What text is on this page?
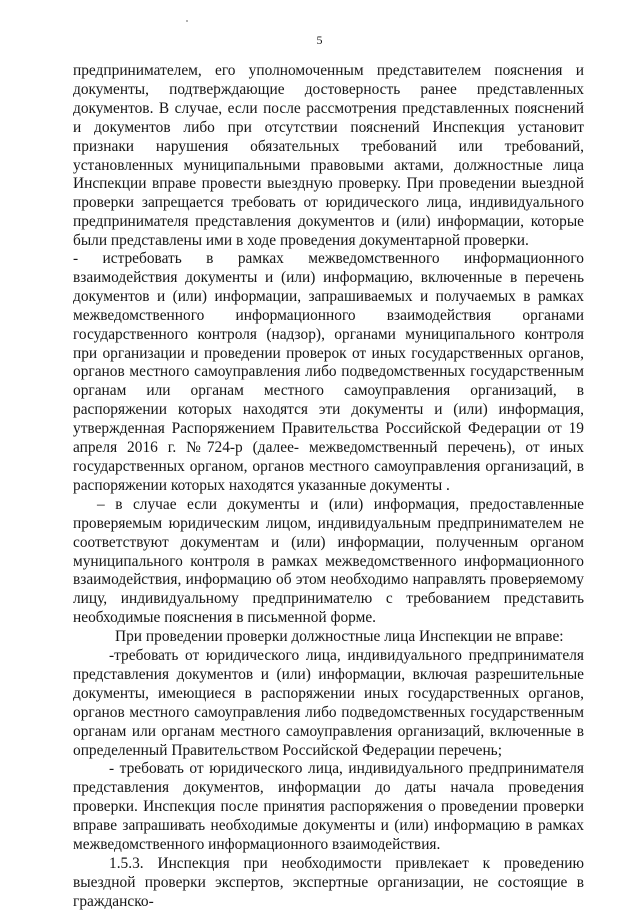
5

предпринимателем, его уполномоченным представителем пояснения и документы, подтверждающие достоверность ранее представленных документов. В случае, если после рассмотрения представленных пояснений и документов либо при отсутствии пояснений Инспекция установит признаки нарушения обязательных требований или требований, установленных муниципальными правовыми актами, должностные лица Инспекции вправе провести выездную проверку. При проведении выездной проверки запрещается требовать от юридического лица, индивидуального предпринимателя представления документов и (или) информации, которые были представлены ими в ходе проведения документарной проверки.

- истребовать в рамках межведомственного информационного взаимодействия документы и (или) информацию, включенные в перечень документов и (или) информации, запрашиваемых и получаемых в рамках межведомственного информационного взаимодействия органами государственного контроля (надзор), органами муниципального контроля при организации и проведении проверок от иных государственных органов, органов местного самоуправления либо подведомственных государственным органам или органам местного самоуправления организаций, в распоряжении которых находятся эти документы и (или) информация, утвержденная Распоряжением Правительства Российской Федерации от 19 апреля 2016 г. №724-р (далее- межведомственный перечень), от иных государственных органом, органов местного самоуправления организаций, в распоряжении которых находятся указанные документы .

– в случае если документы и (или) информация, предоставленные проверяемым юридическим лицом, индивидуальным предпринимателем не соответствуют документам и (или) информации, полученным органом муниципального контроля в рамках межведомственного информационного взаимодействия, информацию об этом необходимо направлять проверяемому лицу, индивидуальному предпринимателю с требованием представить необходимые пояснения в письменной форме.

При проведении проверки должностные лица Инспекции не вправе:

-требовать от юридического лица, индивидуального предпринимателя представления документов и (или) информации, включая разрешительные документы, имеющиеся в распоряжении иных государственных органов, органов местного самоуправления либо подведомственных государственным органам или органам местного самоуправления организаций, включенные в определенный Правительством Российской Федерации перечень;

- требовать от юридического лица, индивидуального предпринимателя представления документов, информации до даты начала проведения проверки. Инспекция после принятия распоряжения о проведении проверки вправе запрашивать необходимые документы и (или) информацию в рамках межведомственного информационного взаимодействия.

1.5.3. Инспекция при необходимости привлекает к проведению выездной проверки экспертов, экспертные организации, не состоящие в гражданско-
